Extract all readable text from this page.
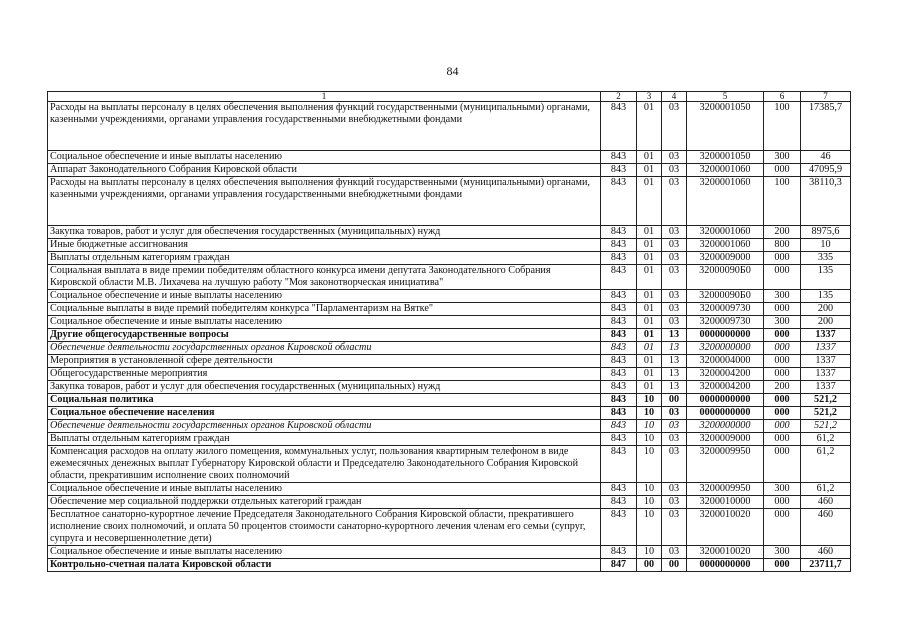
84
1	2	3	4	5	6	7
Расходы на выплаты персоналу в целях обеспечения выполнения функций государственными (муниципальными) органами, казенными учреждениями, органами управления государственными внебюджетными фондами	843	01	03	3200001050	100	17385,7
Социальное обеспечение и иные выплаты населению	843	01	03	3200001050	300	46
Аппарат Законодательного Собрания Кировской области	843	01	03	3200001060	000	47095,9
Расходы на выплаты персоналу в целях обеспечения выполнения функций государственными (муниципальными) органами, казенными учреждениями, органами управления государственными внебюджетными фондами	843	01	03	3200001060	100	38110,3
Закупка товаров, работ и услуг для обеспечения государственных (муниципальных) нужд	843	01	03	3200001060	200	8975,6
Иные бюджетные ассигнования	843	01	03	3200001060	800	10
Выплаты отдельным категориям граждан	843	01	03	3200009000	000	335
Социальная выплата в виде премии победителям областного конкурса имени депутата Законодательного Собрания Кировской области М.В. Лихачева на лучшую работу "Моя законотворческая инициатива"	843	01	03	32000090Б0	000	135
Социальное обеспечение и иные выплаты населению	843	01	03	32000090Б0	300	135
Социальные выплаты в виде премий победителям конкурса "Парламентаризм на Вятке"	843	01	03	3200009730	000	200
Социальное обеспечение и иные выплаты населению	843	01	03	3200009730	300	200
Другие общегосударственные вопросы	843	01	13	0000000000	000	1337
Обеспечение деятельности государственных органов Кировской области	843	01	13	3200000000	000	1337
Мероприятия в установленной сфере деятельности	843	01	13	3200004000	000	1337
Общегосударственные мероприятия	843	01	13	3200004200	000	1337
Закупка товаров, работ и услуг для обеспечения государственных (муниципальных) нужд	843	01	13	3200004200	200	1337
Социальная политика	843	10	00	0000000000	000	521,2
Социальное обеспечение населения	843	10	03	0000000000	000	521,2
Обеспечение деятельности государственных органов Кировской области	843	10	03	3200000000	000	521,2
Выплаты отдельным категориям граждан	843	10	03	3200009000	000	61,2
Компенсация расходов на оплату жилого помещения, коммунальных услуг, пользования квартирным телефоном в виде ежемесячных денежных выплат Губернатору Кировской области и Председателю Законодательного Собрания Кировской области, прекратившим исполнение своих полномочий	843	10	03	3200009950	000	61,2
Социальное обеспечение и иные выплаты населению	843	10	03	3200009950	300	61,2
Обеспечение мер социальной поддержки отдельных категорий граждан	843	10	03	3200010000	000	460
Бесплатное санаторно-курортное лечение Председателя Законодательного Собрания Кировской области, прекратившего исполнение своих полномочий, и оплата 50 процентов стоимости санаторно-курортного лечения членам его семьи (супруг, супруга и несовершеннолетние дети)	843	10	03	3200010020	000	460
Социальное обеспечение и иные выплаты населению	843	10	03	3200010020	300	460
Контрольно-счетная палата Кировской области	847	00	00	0000000000	000	23711,7
